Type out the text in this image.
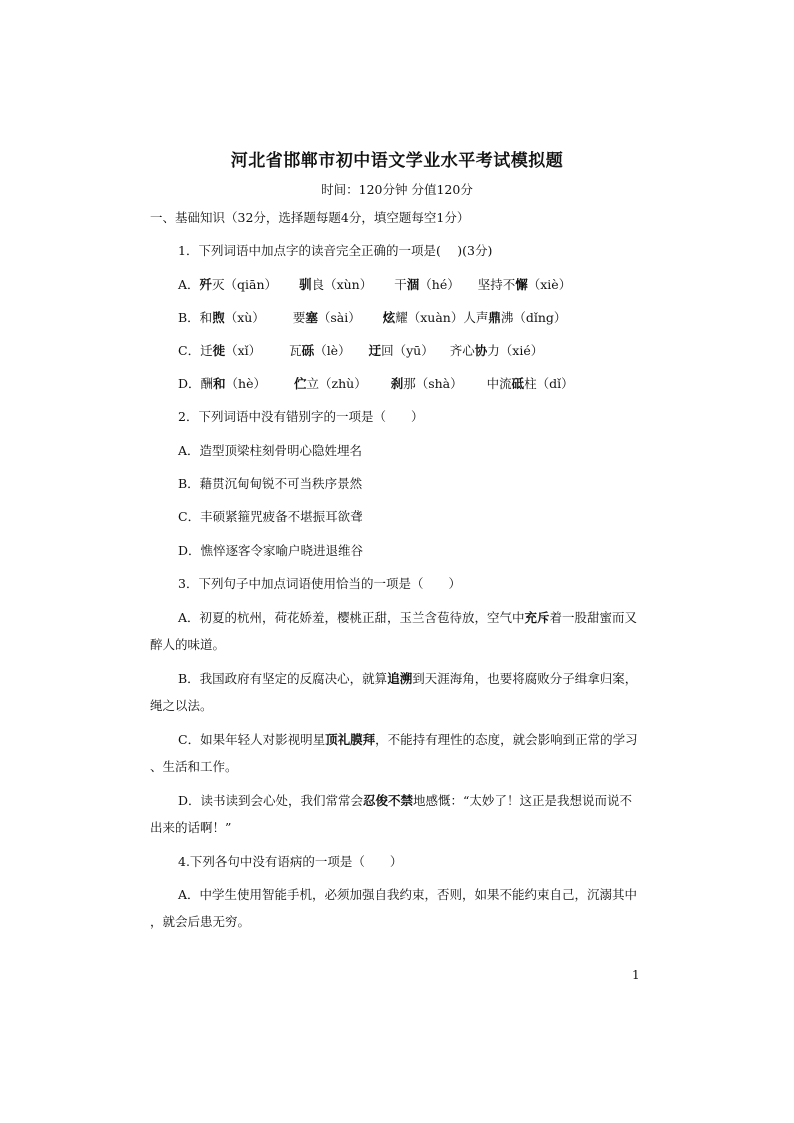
河北省邯郸市初中语文学业水平考试模拟题
时间：120分钟 分值120分
一、基础知识（32分，选择题每题4分，填空题每空1分）
1．下列词语中加点字的读音完全正确的一项是(　 )(3分)
A．歼灭（qiān） 驯良（xùn） 干涸（hé） 坚持不懈（xiè）
B．和煦（xù） 要塞（sài） 炫耀（xuàn）人声鼎沸（dǐng）
C．迁徙（xǐ） 瓦砾（lè） 迂回（yū） 齐心协力（xié）
D．酬和（hè） 伫立（zhù） 刹那（shà） 中流砥柱（dǐ）
2．下列词语中没有错别字的一项是（　　）
A．造型顶梁柱刻骨明心隐姓埋名
B．藉贯沉甸甸锐不可当秩序景然
C．丰硕紧箍咒疲备不堪振耳欲聋
D．憔悴逐客令家喻户晓进退维谷
3．下列句子中加点词语使用恰当的一项是（　　）
A．初夏的杭州，荷花娇羞，樱桃正甜，玉兰含苞待放，空气中充斥着一股甜蜜而又
醉人的味道。
B．我国政府有坚定的反腐决心，就算追溯到天涯海角，也要将腐败分子缉拿归案，
绳之以法。
C．如果年轻人对影视明星顶礼膜拜，不能持有理性的态度，就会影响到正常的学习
、生活和工作。
D．读书读到会心处，我们常常会忍俊不禁地感慨：“太妙了！这正是我想说而说不
出来的话啊！”
4.下列各句中没有语病的一项是（　　）
A．中学生使用智能手机，必须加强自我约束，否则，如果不能约束自己，沉溺其中
，就会后患无穷。
1
